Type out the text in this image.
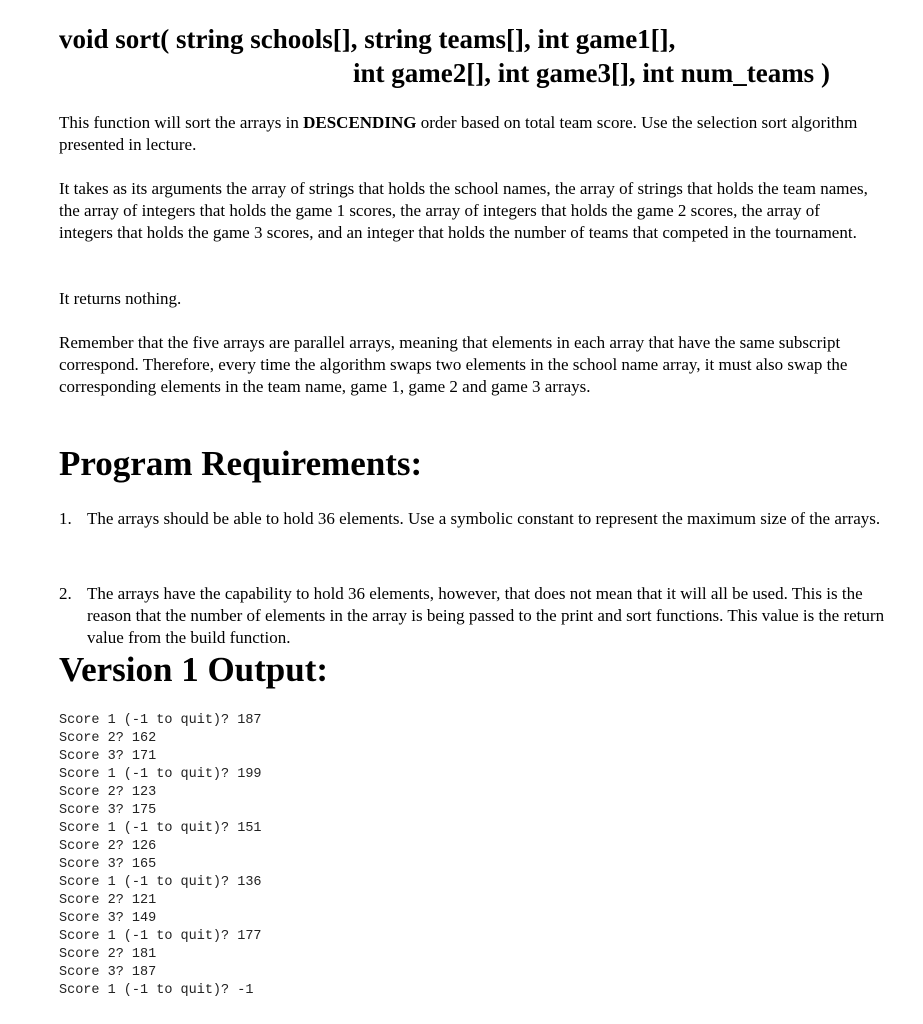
void sort( string schools[], string teams[], int game1[],
int game2[], int game3[], int num_teams )

This function will sort the arrays in DESCENDING order based on total team score. Use the selection sort algorithm presented in lecture.

It takes as its arguments the array of strings that holds the school names, the array of strings that holds the team names, the array of integers that holds the game 1 scores, the array of integers that holds the game 2 scores, the array of integers that holds the game 3 scores, and an integer that holds the number of teams that competed in the tournament.

It returns nothing.

Remember that the five arrays are parallel arrays, meaning that elements in each array that have the same subscript correspond. Therefore, every time the algorithm swaps two elements in the school name array, it must also swap the corresponding elements in the team name, game 1, game 2 and game 3 arrays.

Program Requirements:
1. The arrays should be able to hold 36 elements. Use a symbolic constant to represent the maximum size of the arrays.
2. The arrays have the capability to hold 36 elements, however, that does not mean that it will all be used. This is the reason that the number of elements in the array is being passed to the print and sort functions. This value is the return value from the build function.
Version 1 Output:
Score 1 (-1 to quit)? 187
Score 2? 162
Score 3? 171
Score 1 (-1 to quit)? 199
Score 2? 123
Score 3? 175
Score 1 (-1 to quit)? 151
Score 2? 126
Score 3? 165
Score 1 (-1 to quit)? 136
Score 2? 121
Score 3? 149
Score 1 (-1 to quit)? 177
Score 2? 181
Score 3? 187
Score 1 (-1 to quit)? -1
